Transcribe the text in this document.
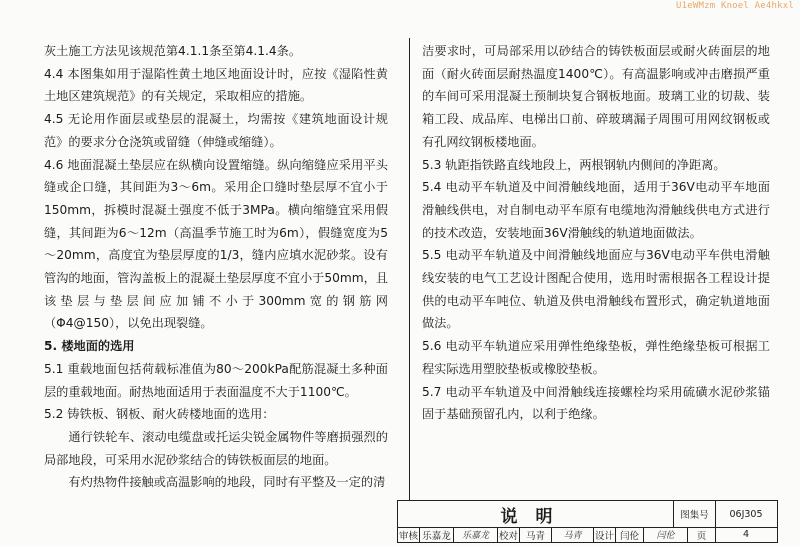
U1eWMzm Knoel Ae4hkxl

灰土施工方法见该规范第4.1.1条至第4.1.4条。

4.4 本图集如用于湿陷性黄土地区地面设计时，应按《湿陷性黄土地区建筑规范》的有关规定，采取相应的措施。

4.5 无论用作面层或垫层的混凝土，均需按《建筑地面设计规范》的要求分仓浇筑或留缝（伸缝或缩缝）。

4.6 地面混凝土垫层应在纵横向设置缩缝。纵向缩缝应采用平头缝或企口缝，其间距为3～6m。采用企口缝时垫层厚不宜小于150mm，拆模时混凝土强度不低于3MPa。横向缩缝宜采用假缝，其间距为6～12m（高温季节施工时为6m），假缝宽度为5～20mm，高度宜为垫层厚度的1/3，缝内应填水泥砂浆。设有管沟的地面，管沟盖板上的混凝土垫层厚度不宜小于50mm，且该垫层与垫层间应加铺不小于300mm宽的钢筋网（Φ4@150），以免出现裂缝。

5. 楼地面的选用

5.1 重载地面包括荷载标准值为80～200kPa配筋混凝土多种面层的重载地面。耐热地面适用于表面温度不大于1100℃。

5.2 铸铁板、钢板、耐火砖楼地面的选用：

通行铁轮车、滚动电缆盘或托运尖锐金属物件等磨损强烈的局部地段，可采用水泥砂浆结合的铸铁板面层的地面。

有灼热物件接触或高温影响的地段，同时有平整及一定的清

洁要求时，可局部采用以砂结合的铸铁板面层或耐火砖面层的地面（耐火砖面层耐热温度1400℃）。有高温影响或冲击磨损严重的车间可采用混凝土预制块复合钢板地面。玻璃工业的切裁、装箱工段、成品库、电梯出口前、碎玻璃漏子周围可用网纹钢板或有孔网纹钢板楼地面。

5.3 轨距指铁路直线地段上，两根钢轨内侧间的净距离。

5.4 电动平车轨道及中间滑触线地面，适用于36V电动平车地面滑触线供电，对自制电动平车原有电缆地沟滑触线供电方式进行的技术改造，安装地面36V滑触线的轨道地面做法。

5.5 电动平车轨道及中间滑触线地面应与36V电动平车供电滑触线安装的电气工艺设计图配合使用，选用时需根据各工程设计提供的电动平车吨位、轨道及供电滑触线布置形式，确定轨道地面做法。

5.6 电动平车轨道应采用弹性绝缘垫板，弹性绝缘垫板可根据工程实际选用塑胶垫板或橡胶垫板。

5.7 电动平车轨道及中间滑触线连接螺栓均采用硫磺水泥砂浆锚固于基础预留孔内，以利于绝缘。

说明	图集号	06J305
审核 乐嘉龙	乐嘉龙	校对 马青	马青	设计 闫伦	闫伦	页	4
